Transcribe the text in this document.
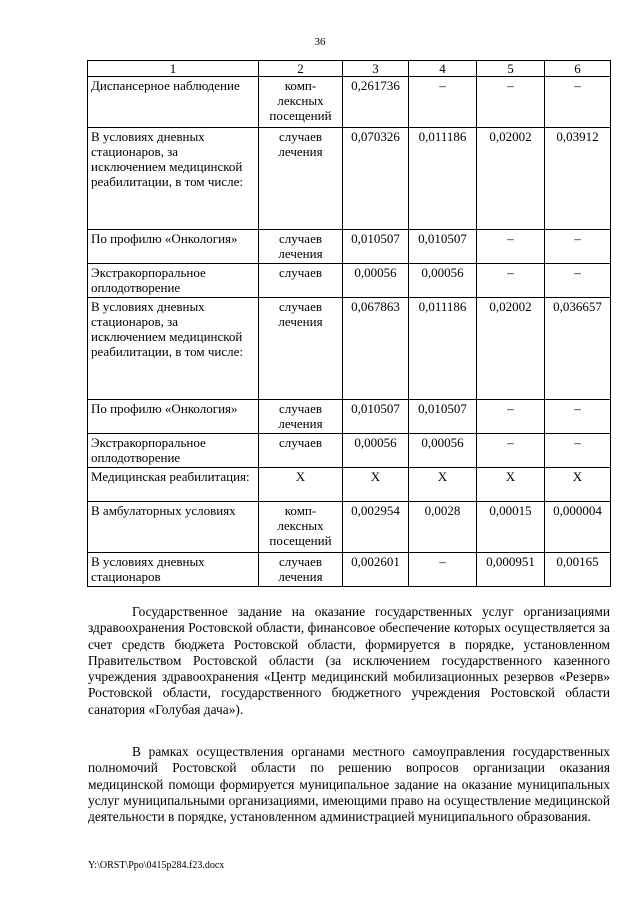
36
1	2	3	4	5	6
Диспансерное наблюдение	комп-лексных посещений	0,261736	–	–	–
В условиях дневных стационаров, за исключением медицинской реабилитации, в том числе:	случаев лечения	0,070326	0,011186	0,02002	0,03912
По профилю «Онкология»	случаев лечения	0,010507	0,010507	–	–
Экстракорпоральное оплодотворение	случаев	0,00056	0,00056	–	–
В условиях дневных стационаров, за исключением медицинской реабилитации, в том числе:	случаев лечения	0,067863	0,011186	0,02002	0,036657
По профилю «Онкология»	случаев лечения	0,010507	0,010507	–	–
Экстракорпоральное оплодотворение	случаев	0,00056	0,00056	–	–
Медицинская реабилитация:	Х	Х	Х	Х	Х
В амбулаторных условиях	комп-лексных посещений	0,002954	0,0028	0,00015	0,000004
В условиях дневных стационаров	случаев лечения	0,002601	–	0,000951	0,00165
Государственное задание на оказание государственных услуг организациями здравоохранения Ростовской области, финансовое обеспечение которых осуществляется за счет средств бюджета Ростовской области, формируется в порядке, установленном Правительством Ростовской области (за исключением государственного казенного учреждения здравоохранения «Центр медицинский мобилизационных резервов «Резерв» Ростовской области, государственного бюджетного учреждения Ростовской области санатория «Голубая дача»).
В рамках осуществления органами местного самоуправления государственных полномочий Ростовской области по решению вопросов организации оказания медицинской помощи формируется муниципальное задание на оказание муниципальных услуг муниципальными организациями, имеющими право на осуществление медицинской деятельности в порядке, установленном администрацией муниципального образования.
Y:\ORST\Ppo\0415p284.f23.docx
